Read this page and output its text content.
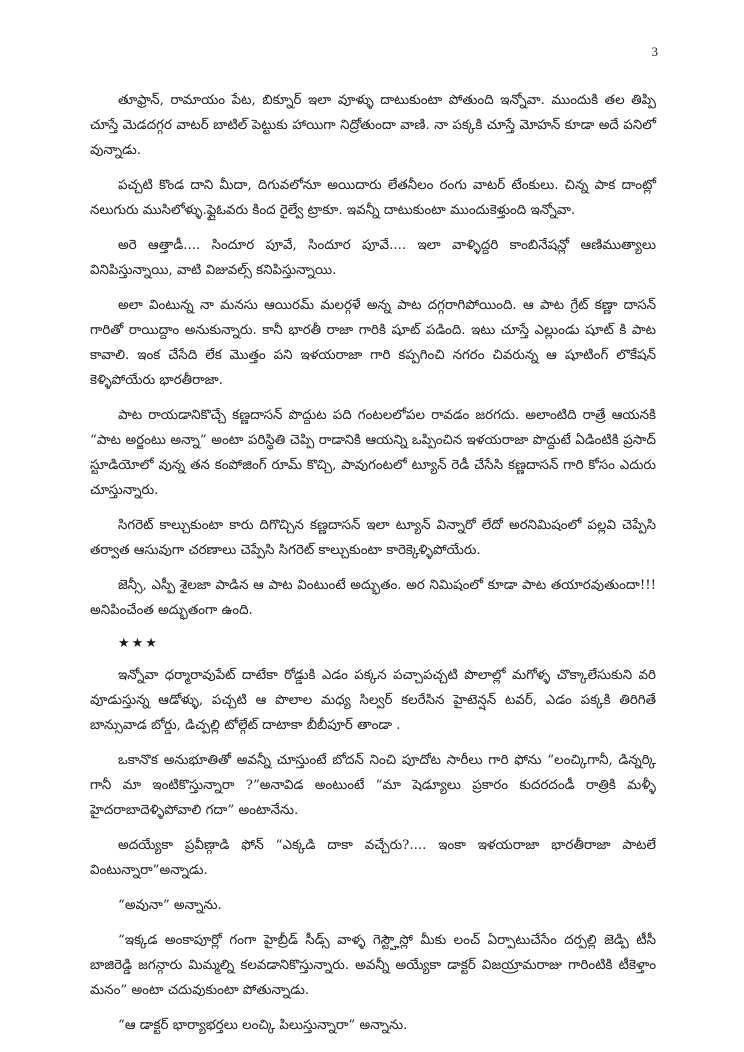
3

తూఫ్రాన్, రామాయం పేట, బిక్నూర్ ఇలా వూళ్ళు దాటుకుంటా పోతుంది ఇన్నోవా. ముందుకి తల తిప్పి చూస్తే మెడదగ్గర వాటర్ బాటిల్ పెట్టుకు హాయిగా నిద్రోతుందా వాణి. నా పక్కకి చూస్తే మోహన్ కూడా అదే పనిలో వున్నాడు.

పచ్చటి కొండ దాని మీదా, దిగువలోనూ అయిదారు లేతనీలం రంగు వాటర్ టేంకులు. చిన్న పాక దాంట్లో నలుగురు ముసిలోళ్ళు.ఫ్లైఓవరు కింద రైల్వే ట్రాకూ. ఇవన్నీ దాటుకుంటా ముందుకెళ్తుంది ఇన్నోవా.

అరె ఆత్తాడీ.... సిందూర పూవే, సిందూర పూవే.... ఇలా వాళ్ళిద్దరి కాంబినేషన్లో ఆణిముత్యాలు వినిపిస్తున్నాయి, వాటి విజువల్స్ కనిపిస్తున్నాయి.

అలా వింటున్న నా మనసు ఆయిరమ్ మలర్గళే అన్న పాట దగ్గరాగిపోయింది. ఆ పాట గ్రేట్ కణ్ణా దాసన్ గారితో రాయిద్దాం అనుకున్నారు. కానీ భారతీ రాజా గారికి షూట్ పడింది. ఇటు చూస్తే ఎల్లుండు షూట్ కి పాట కావాలి. ఇంక చేసేది లేక మొత్తం పని ఇళయరాజా గారి కప్పగించి నగరం చివరున్న ఆ షూటింగ్ లొకేషన్ కెళ్ళిపోయేరు భారతీరాజా.

పాట రాయడానికొచ్చే కణ్ణదాసన్ పొద్దుట పది గంటలలోపల రావడం జరగదు. అలాంటిది రాత్రే ఆయనకి “పాట అర్జంటు అన్నా” అంటా పరిస్థితి చెప్పి రాడానికి ఆయన్ని ఒప్పించిన ఇళయరాజా పొద్దుటే ఏడింటికి ప్రసాద్ స్టూడియోలో వున్న తన కంపోజింగ్ రూమ్ కొచ్చి, పావుగంటలో ట్యూన్ రెడీ చేసేసి కణ్ణదాసన్ గారి కోసం ఎదురు చూస్తున్నారు.

సిగరెట్ కాల్చుకుంటా కారు దిగొచ్చిన కణ్ణదాసన్ ఇలా ట్యూన్ విన్నారో లేదో అరనిమిషంలో పల్లవి చెప్పేసి తర్వాత ఆసువుగా చరణాలు చెప్పేసి సిగరెట్ కాల్చుకుంటా కారెక్కెళ్ళిపోయేరు.

జెన్సీ, ఎస్పీ శైలజా పాడిన ఆ పాట వింటుంటే అద్భుతం. అర నిమిషంలో కూడా పాట తయారవుతుందా!!! అనిపించేంత అద్భుతంగా ఉంది.

★★★

ఇన్నోవా ధర్మారావుపేట్ దాటేకా రోడ్డుకి ఎడం పక్కన పచ్చాపచ్చటి పొలాల్లో మగోళ్ళ చొక్కాలేసుకుని వరి వూడుస్తున్న ఆడోళ్ళు, పచ్చటి ఆ పొలాల మధ్య సిల్వర్ కలరేసిన హైటెన్షన్ టవర్, ఎడం పక్కకి తిరిగితే బాన్సువాడ బోర్డు, డిచ్పల్లి టోల్గేట్ దాటాకా బీబీపూర్ తాండా .

ఒకానొక అనుభూతితో అవన్నీ చూస్తుంటే బోదన్ నించి పూదోట సారీలు గారి ఫోను “లంచ్కిగానీ, డిన్నర్కి గానీ మా ఇంటికొస్తున్నారా ?”అనావిడ అంటుంటే “మా షెడ్యూలు ప్రకారం కుదరదండీ రాత్రికి మళ్ళీ హైదరాబాదెళ్ళిపోవాలి గదా” అంటానేను.

అదయ్యేకా ప్రవీణ్గాడి ఫోన్ “ఎక్కడి దాకా వచ్చేరు?.... ఇంకా ఇళయరాజా భారతీరాజా పాటలే వింటున్నారా”అన్నాడు.

“అవునా” అన్నాను.

“ఇక్కడ అంకాపూర్లో గంగా హైబ్రీడ్ సీడ్స్ వాళ్ళ గెస్ట్హౌస్లో మీకు లంచ్ ఏర్పాటుచేసేం దర్పల్లి జెడ్పి టీసీ బాజిరెడ్డి జగన్గారు మిమ్మల్ని కలవడానికొస్తున్నారు. అవన్నీ అయ్యేకా డాక్టర్ విజయ్రామరాజు గారింటికి టీకెళ్తాం మనం” అంటా చదువుకుంటా పోతున్నాడు.

“ఆ డాక్టర్ భార్యాభర్తలు లంచ్కి పిలుస్తున్నారా” అన్నాను.
